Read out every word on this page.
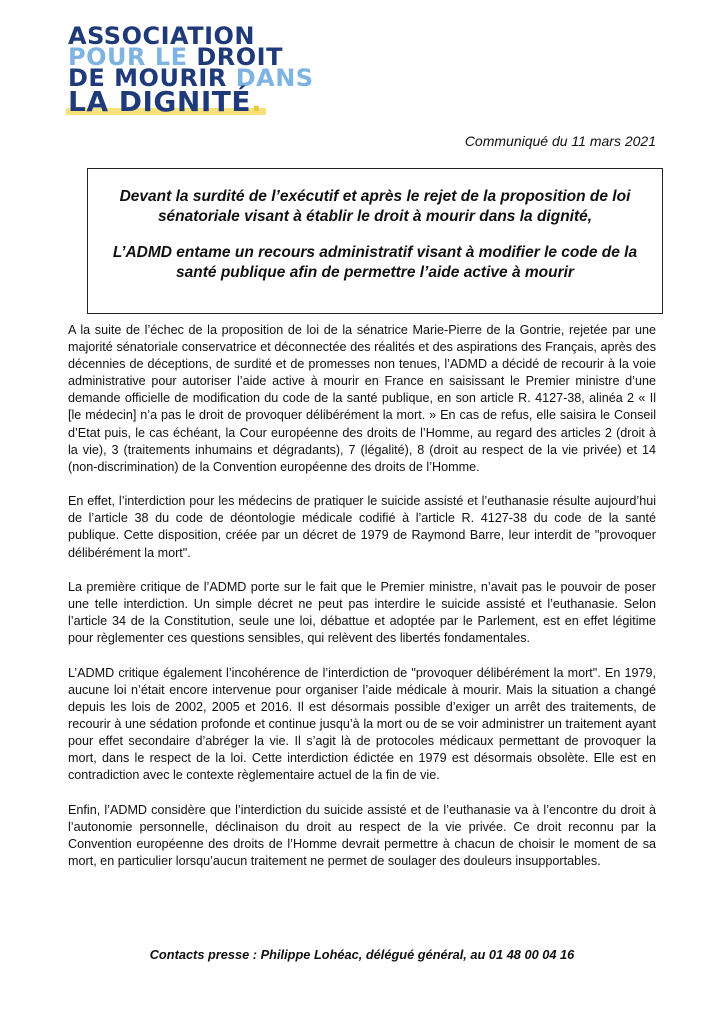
ASSOCIATION
POUR LE DROIT
DE MOURIR DANS
LA DIGNITÉ.
Communiqué du 11 mars 2021

Devant la surdité de l’exécutif et après le rejet de la proposition de loi sénatoriale visant à établir le droit à mourir dans la dignité,

L’ADMD entame un recours administratif visant à modifier le code de la santé publique afin de permettre l’aide active à mourir

A la suite de l’échec de la proposition de loi de la sénatrice Marie-Pierre de la Gontrie, rejetée par une majorité sénatoriale conservatrice et déconnectée des réalités et des aspirations des Français, après des décennies de déceptions, de surdité et de promesses non tenues, l’ADMD a décidé de recourir à la voie administrative pour autoriser l’aide active à mourir en France en saisissant le Premier ministre d’une demande officielle de modification du code de la santé publique, en son article R. 4127-38, alinéa 2 « Il [le médecin] n’a pas le droit de provoquer délibérément la mort. » En cas de refus, elle saisira le Conseil d’Etat puis, le cas échéant, la Cour européenne des droits de l’Homme, au regard des articles 2 (droit à la vie), 3 (traitements inhumains et dégradants), 7 (légalité), 8 (droit au respect de la vie privée) et 14 (non-discrimination) de la Convention européenne des droits de l’Homme.

En effet, l’interdiction pour les médecins de pratiquer le suicide assisté et l’euthanasie résulte aujourd’hui de l’article 38 du code de déontologie médicale codifié à l’article R. 4127-38 du code de la santé publique. Cette disposition, créée par un décret de 1979 de Raymond Barre, leur interdit de "provoquer délibérément la mort".

La première critique de l’ADMD porte sur le fait que le Premier ministre, n’avait pas le pouvoir de poser une telle interdiction. Un simple décret ne peut pas interdire le suicide assisté et l’euthanasie. Selon l’article 34 de la Constitution, seule une loi, débattue et adoptée par le Parlement, est en effet légitime pour règlementer ces questions sensibles, qui relèvent des libertés fondamentales.

L’ADMD critique également l’incohérence de l’interdiction de "provoquer délibérément la mort". En 1979, aucune loi n’était encore intervenue pour organiser l’aide médicale à mourir. Mais la situation a changé depuis les lois de 2002, 2005 et 2016. Il est désormais possible d’exiger un arrêt des traitements, de recourir à une sédation profonde et continue jusqu’à la mort ou de se voir administrer un traitement ayant pour effet secondaire d’abréger la vie. Il s’agit là de protocoles médicaux permettant de provoquer la mort, dans le respect de la loi. Cette interdiction édictée en 1979 est désormais obsolète. Elle est en contradiction avec le contexte règlementaire actuel de la fin de vie.

Enfin, l’ADMD considère que l’interdiction du suicide assisté et de l’euthanasie va à l’encontre du droit à l’autonomie personnelle, déclinaison du droit au respect de la vie privée. Ce droit reconnu par la Convention européenne des droits de l’Homme devrait permettre à chacun de choisir le moment de sa mort, en particulier lorsqu’aucun traitement ne permet de soulager des douleurs insupportables.

Contacts presse : Philippe Lohéac, délégué général, au 01 48 00 04 16
